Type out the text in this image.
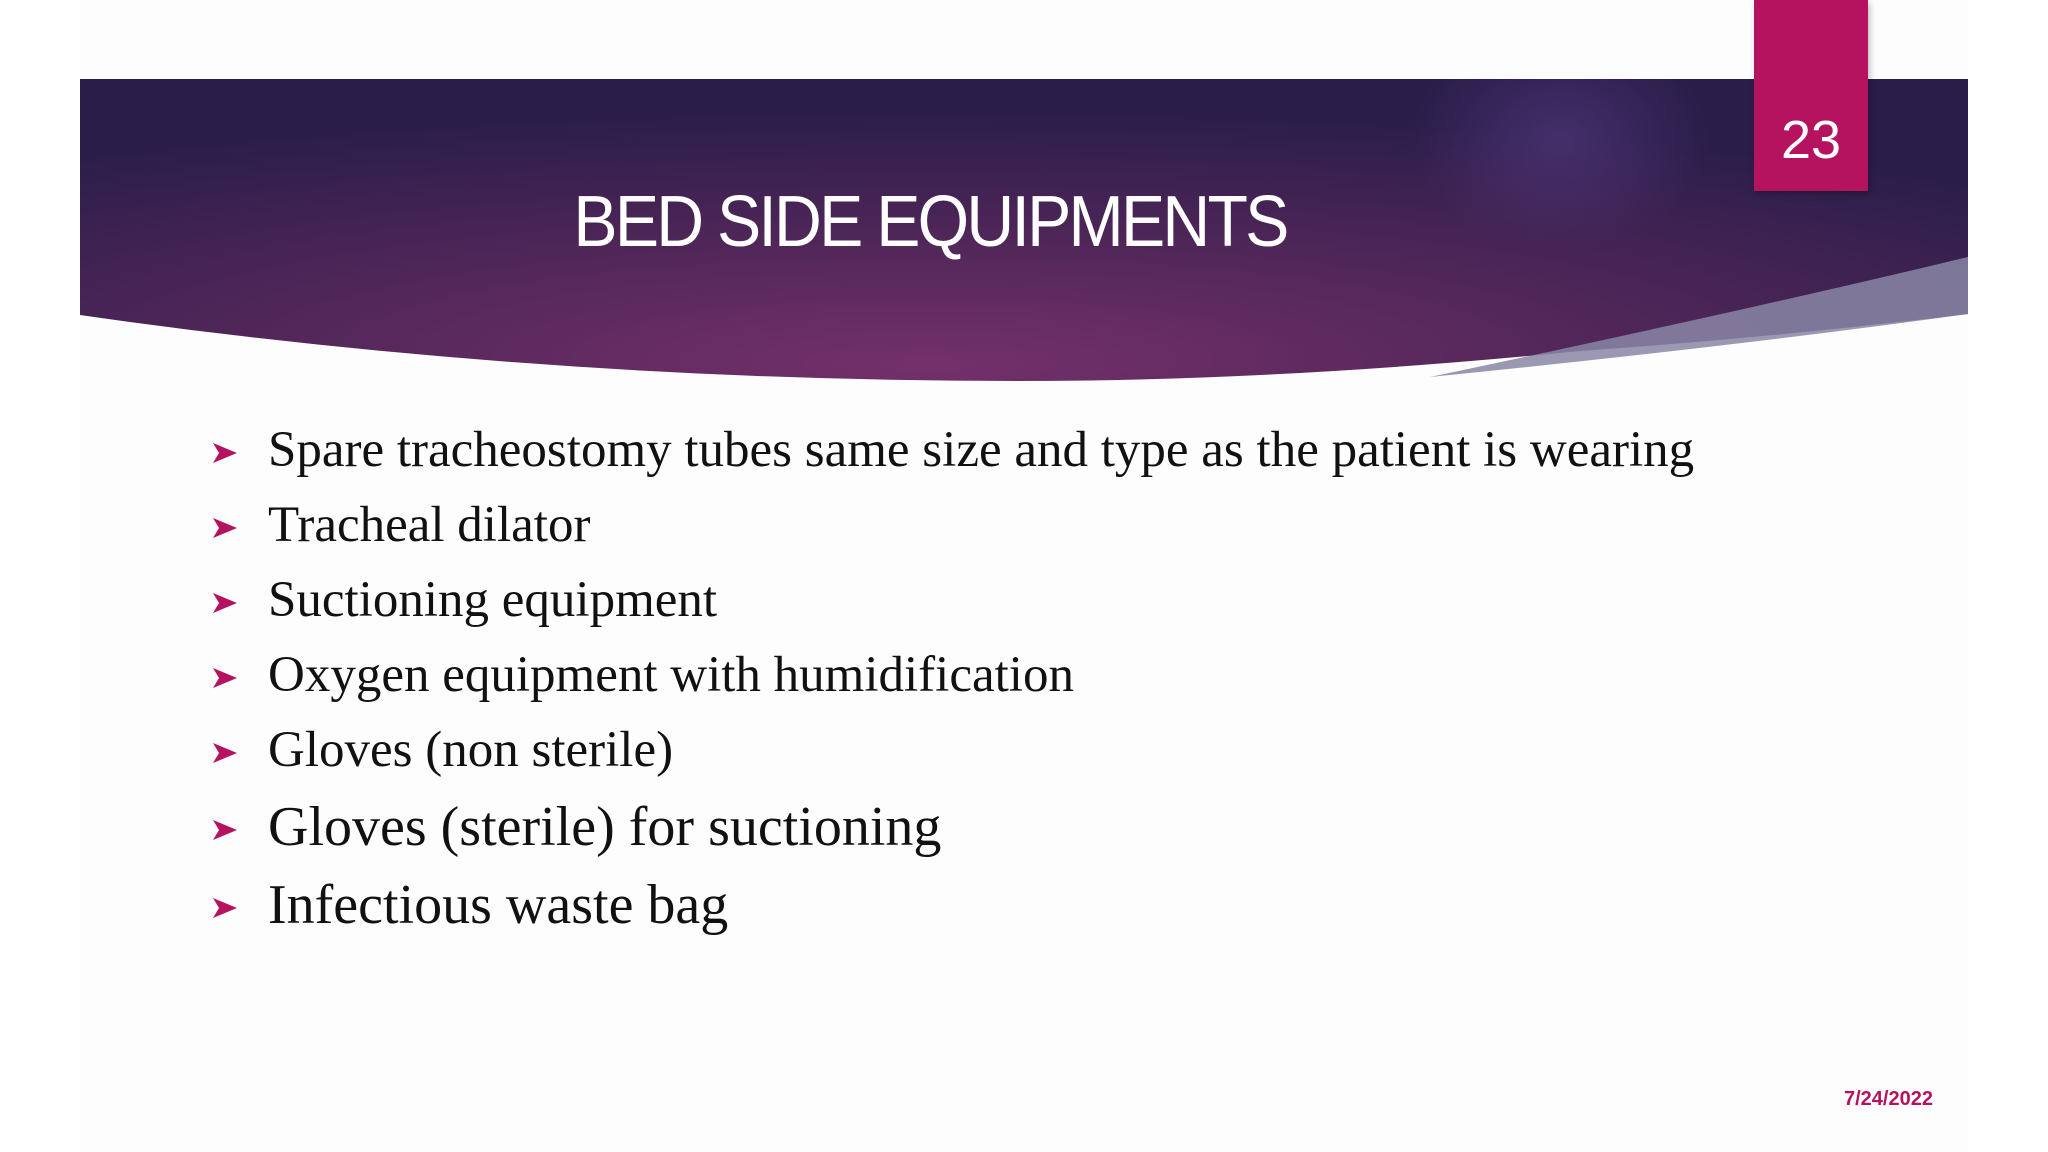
BED SIDE EQUIPMENTS
23
Spare tracheostomy tubes same size and type as the patient is wearing
Tracheal dilator
Suctioning equipment
Oxygen equipment with humidification
Gloves (non sterile)
Gloves (sterile) for suctioning
Infectious waste bag
7/24/2022
